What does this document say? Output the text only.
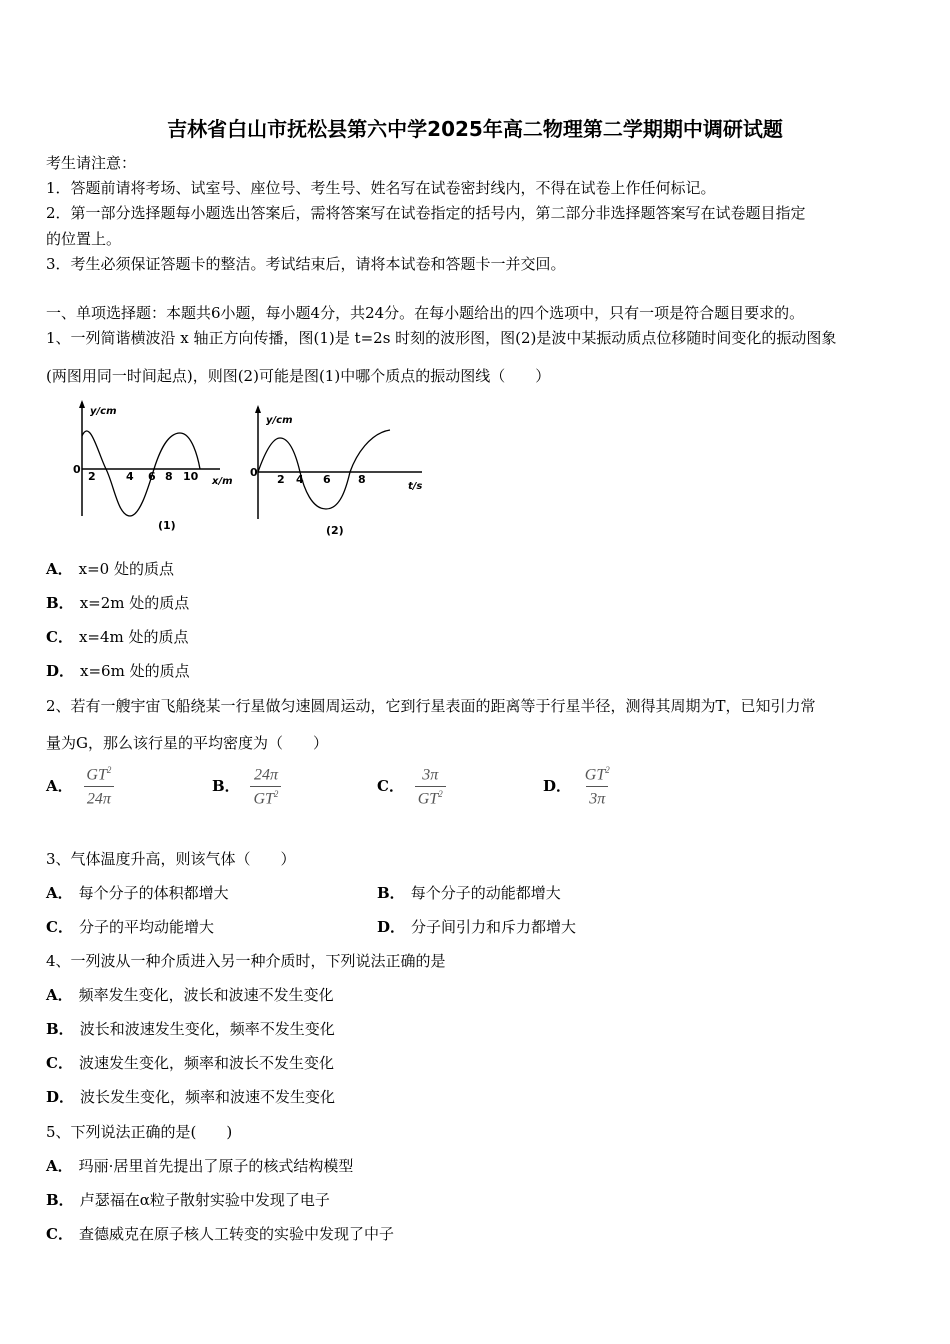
吉林省白山市抚松县第六中学2025年高二物理第二学期期中调研试题
考生请注意：
1．答题前请将考场、试室号、座位号、考生号、姓名写在试卷密封线内，不得在试卷上作任何标记。
2．第一部分选择题每小题选出答案后，需将答案写在试卷指定的括号内，第二部分非选择题答案写在试卷题目指定
的位置上。
3．考生必须保证答题卡的整洁。考试结束后，请将本试卷和答题卡一并交回。
一、单项选择题：本题共6小题，每小题4分，共24分。在每小题给出的四个选项中，只有一项是符合题目要求的。
1、一列简谐横波沿 x 轴正方向传播，图(1)是 t=2s 时刻的波形图，图(2)是波中某振动质点位移随时间变化的振动图象
(两图用同一时间起点)，则图(2)可能是图(1)中哪个质点的振动图线（　　）
y/cm
0
2	4 6 8 10 x/m
(1)
y/cm
0
2 4 6 8
t/s
(2)
A． x=0 处的质点
B． x=2m 处的质点
C． x=4m 处的质点
D． x=6m 处的质点
2、若有一艘宇宙飞船绕某一行星做匀速圆周运动，它到行星表面的距离等于行星半径，测得其周期为T，已知引力常
量为G，那么该行星的平均密度为（　　）
A． $\frac{GT^2}{24\pi}$	B． $\frac{24\pi}{GT^2}$	C． $\frac{3\pi}{GT^2}$	D． $\frac{GT^2}{3\pi}$
3、气体温度升高，则该气体（　　）
A． 每个分子的体积都增大	B． 每个分子的动能都增大
C． 分子的平均动能增大	D． 分子间引力和斥力都增大
4、一列波从一种介质进入另一种介质时，下列说法正确的是
A． 频率发生变化，波长和波速不发生变化
B． 波长和波速发生变化，频率不发生变化
C． 波速发生变化，频率和波长不发生变化
D． 波长发生变化，频率和波速不发生变化
5、下列说法正确的是(　　)
A． 玛丽·居里首先提出了原子的核式结构模型
B． 卢瑟福在α粒子散射实验中发现了电子
C． 查德威克在原子核人工转变的实验中发现了中子
